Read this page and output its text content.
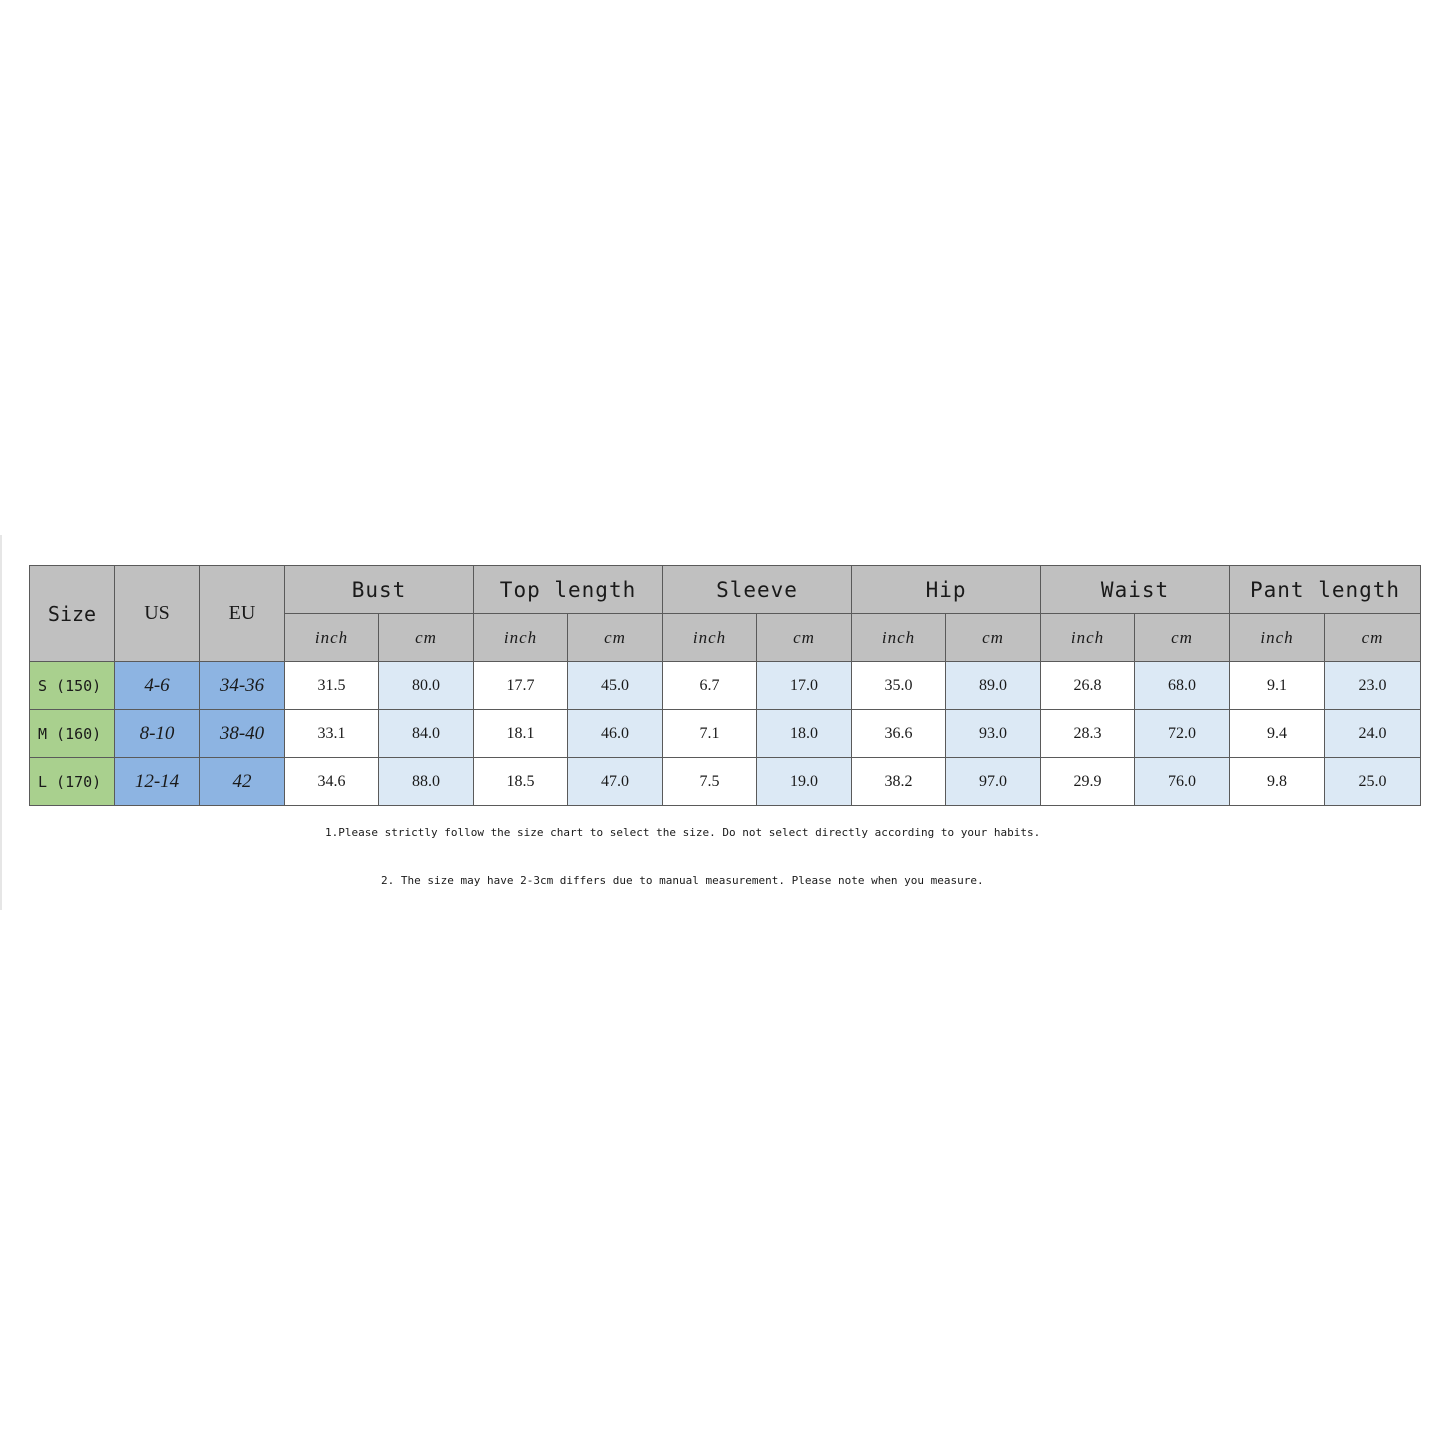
Size	US	EU	Bust		Top length		Sleeve		Hip		Waist		Pant length	
			inch	cm	inch	cm	inch	cm	inch	cm	inch	cm	inch	cm
S (150)	4-6	34-36	31.5	80.0	17.7	45.0	6.7	17.0	35.0	89.0	26.8	68.0	9.1	23.0
M (160)	8-10	38-40	33.1	84.0	18.1	46.0	7.1	18.0	36.6	93.0	28.3	72.0	9.4	24.0
L (170)	12-14	42	34.6	88.0	18.5	47.0	7.5	19.0	38.2	97.0	29.9	76.0	9.8	25.0
1.Please strictly follow the size chart to select the size. Do not select directly according to your habits.
2. The size may have 2-3cm differs due to manual measurement. Please note when you measure.
